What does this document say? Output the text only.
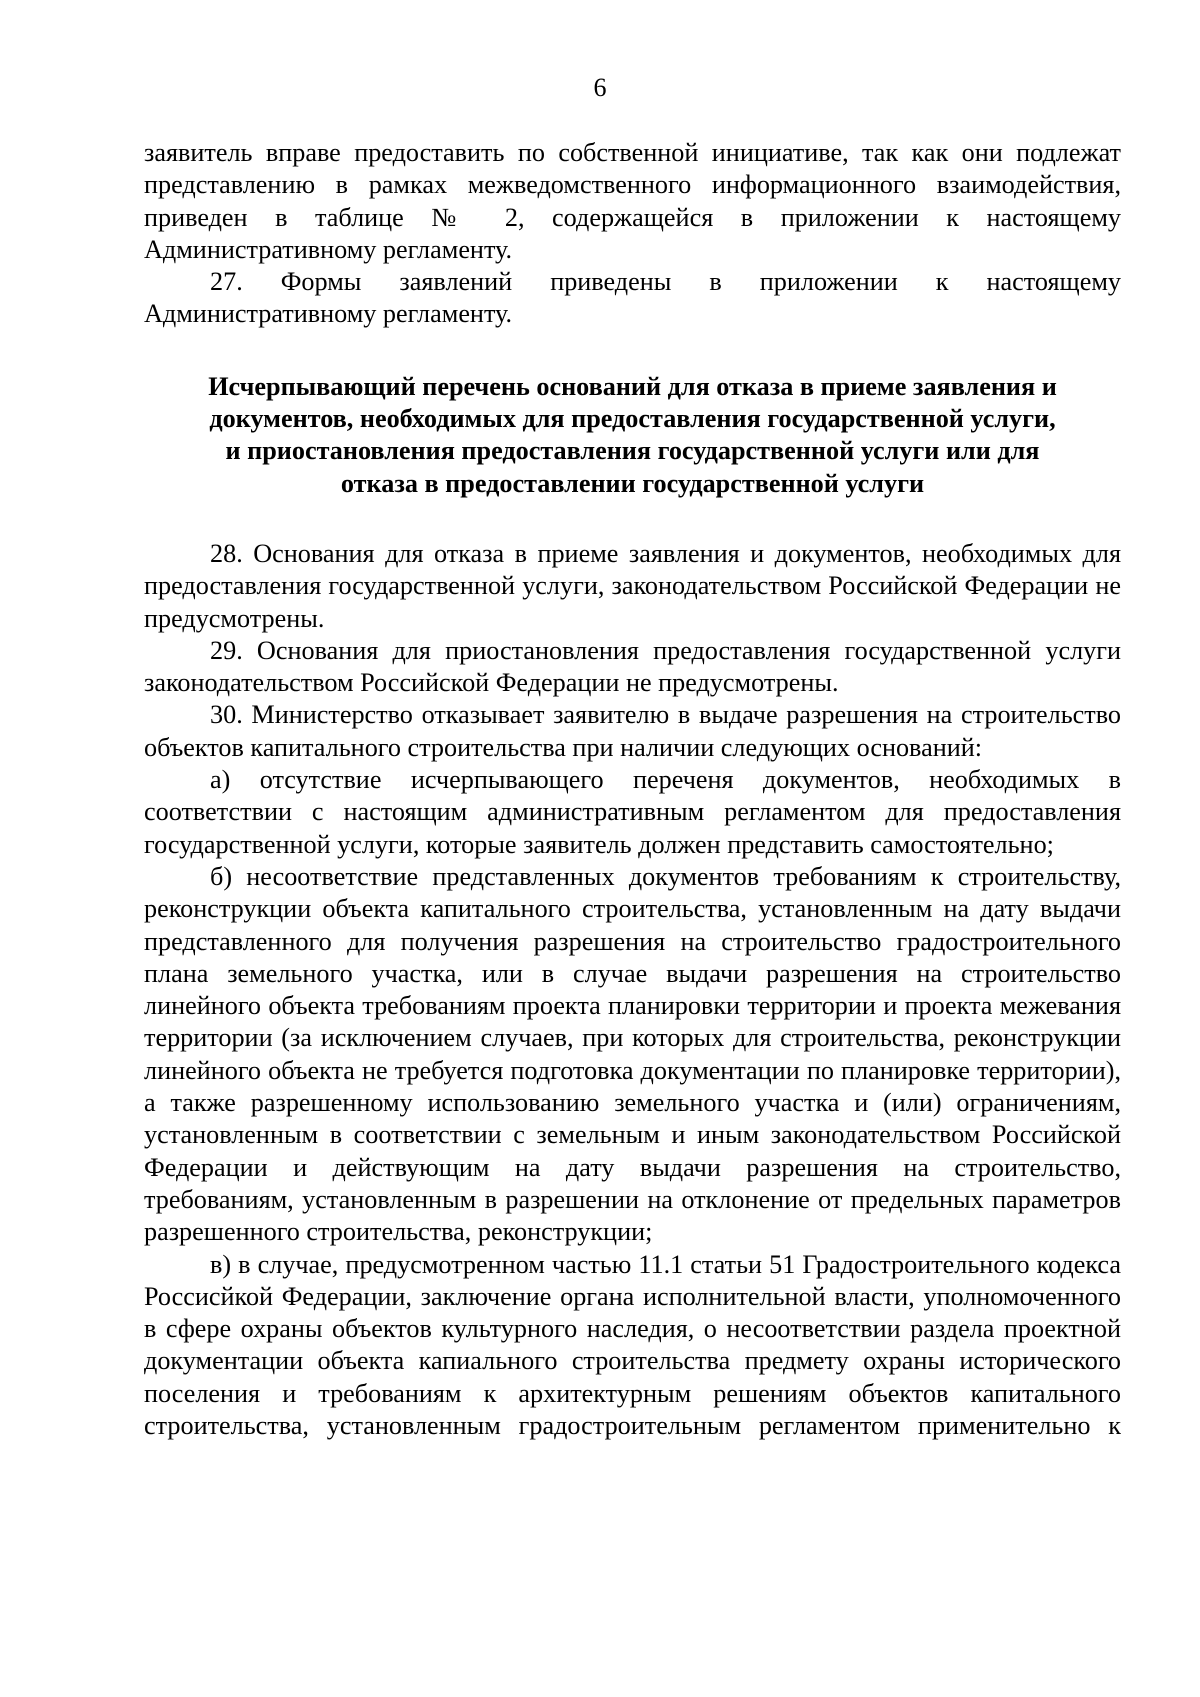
6

заявитель вправе предоставить по собственной инициативе, так как они подлежат представлению в рамках межведомственного информационного взаимодействия, приведен в таблице № 2, содержащейся в приложении к настоящему Административному регламенту.

27. Формы заявлений приведены в приложении к настоящему Административному регламенту.

Исчерпывающий перечень оснований для отказа в приеме заявления и
документов, необходимых для предоставления государственной услуги,
и приостановления предоставления государственной услуги или для
отказа в предоставлении государственной услуги

28. Основания для отказа в приеме заявления и документов, необходимых для предоставления государственной услуги, законодательством Российской Федерации не предусмотрены.

29. Основания для приостановления предоставления государственной услуги законодательством Российской Федерации не предусмотрены.

30. Министерство отказывает заявителю в выдаче разрешения на строительство объектов капитального строительства при наличии следующих оснований:

а) отсутствие исчерпывающего переченя документов, необходимых в соответствии с настоящим административным регламентом для предоставления государственной услуги, которые заявитель должен представить самостоятельно;

б) несоответствие представленных документов требованиям к строительству, реконструкции объекта капитального строительства, установленным на дату выдачи представленного для получения разрешения на строительство градостроительного плана земельного участка, или в случае выдачи разрешения на строительство линейного объекта требованиям проекта планировки территории и проекта межевания территории (за исключением случаев, при которых для строительства, реконструкции линейного объекта не требуется подготовка документации по планировке территории), а также разрешенному использованию земельного участка и (или) ограничениям, установленным в соответствии с земельным и иным законодательством Российской Федерации и действующим на дату выдачи разрешения на строительство, требованиям, установленным в разрешении на отклонение от предельных параметров разрешенного строительства, реконструкции;

в) в случае, предусмотренном частью 11.1 статьи 51 Градостроительного кодекса Россиcйкой Федерации, заключение органа исполнительной власти, уполномоченного в сфере охраны объектов культурного наследия, о несоответствии раздела проектной документации объекта капиального строительства предмету охраны исторического поселения и требованиям к архитектурным решениям объектов капитального строительства, установленным градостроительным регламентом применительно к
